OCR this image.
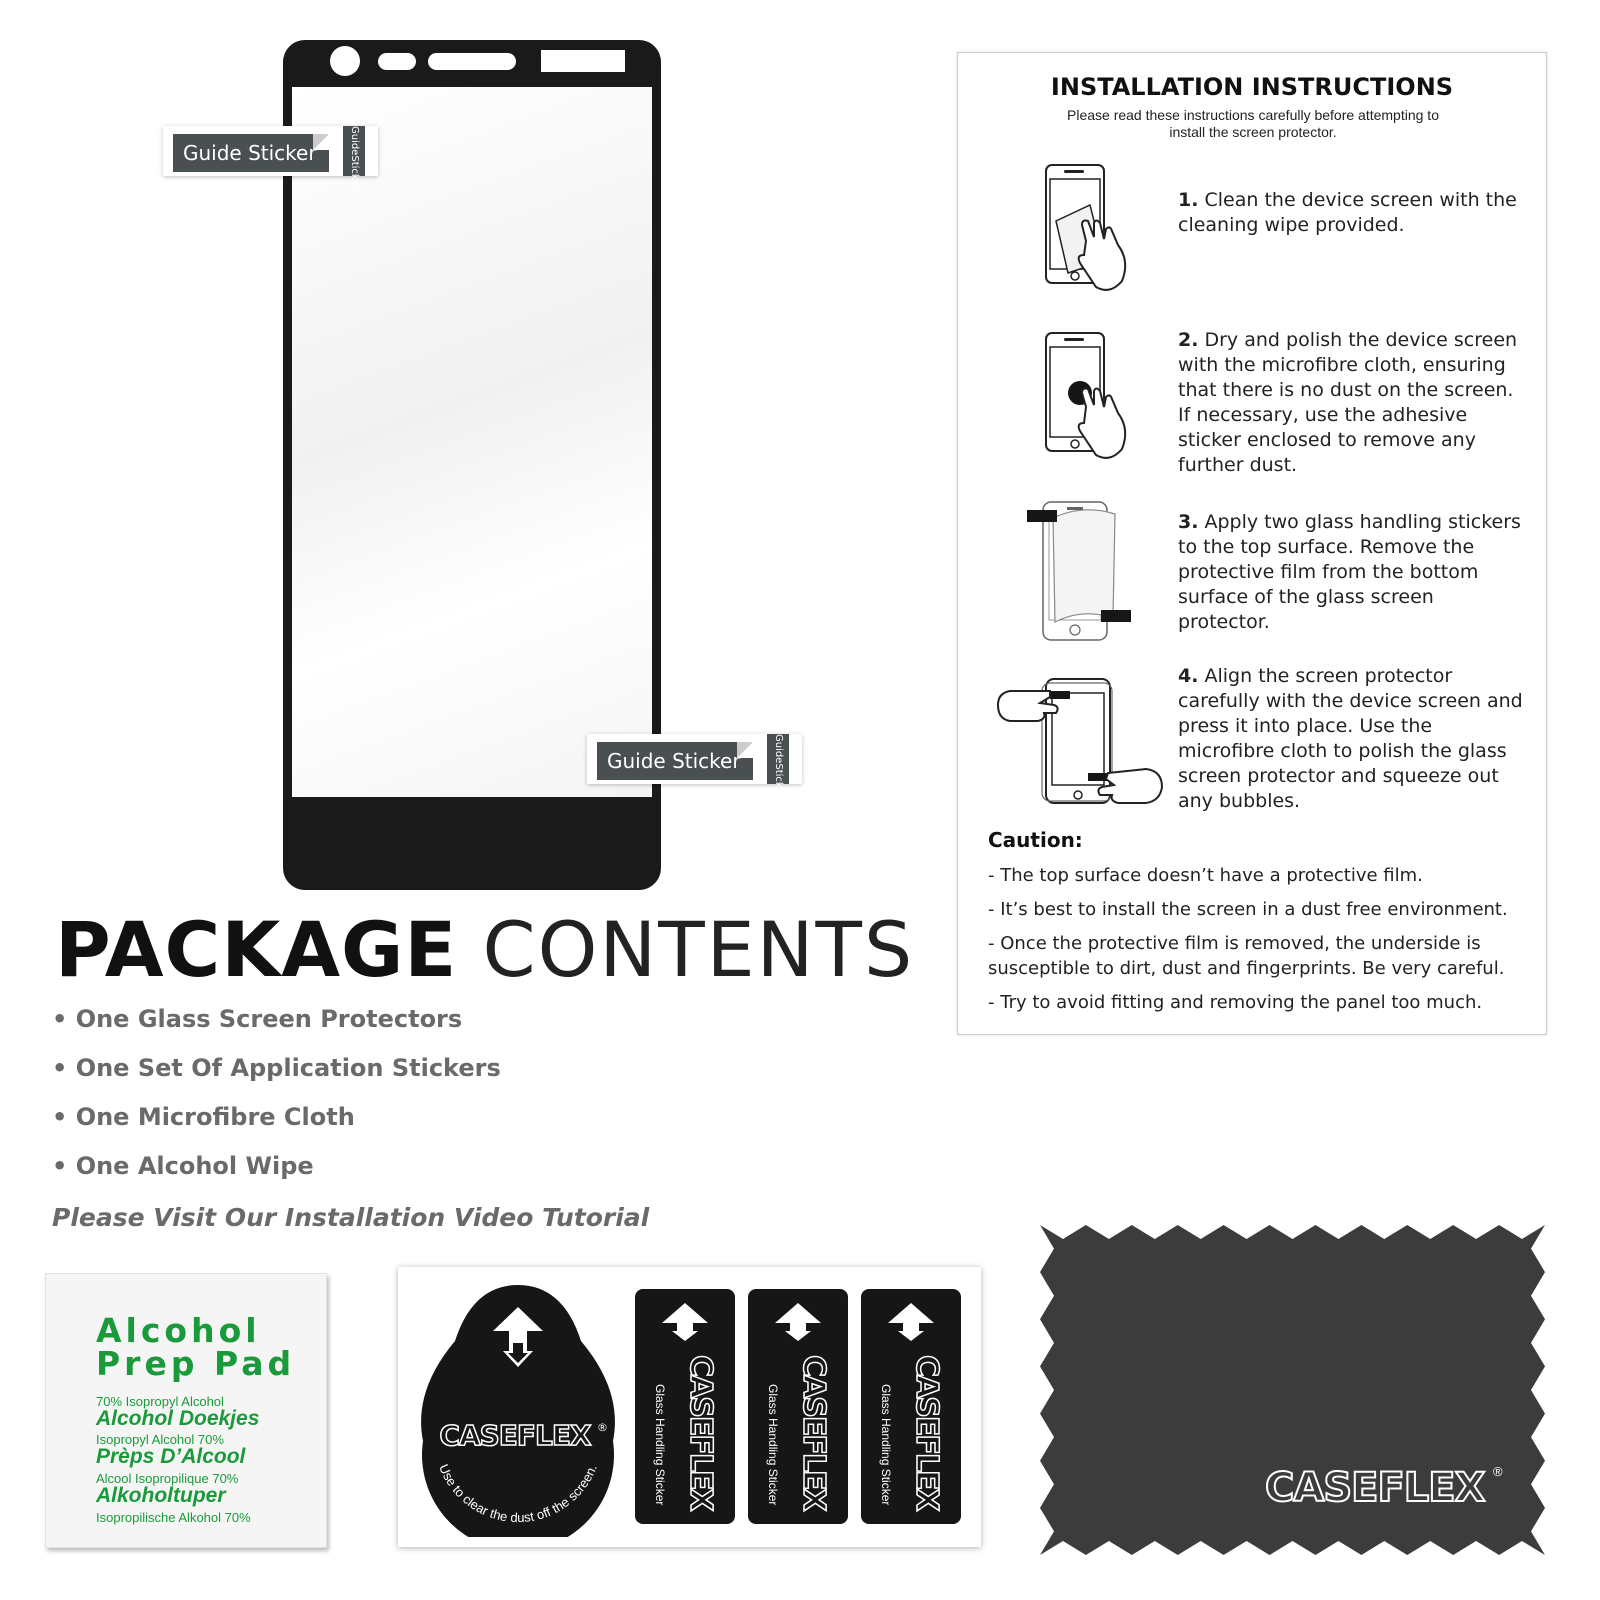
Guide Sticker	GuideSticker
Guide Sticker	GuideSticker
PACKAGE CONTENTS
• One Glass Screen Protectors
• One Set Of Application Stickers
• One Microfibre Cloth
• One Alcohol Wipe
Please Visit Our Installation Video Tutorial
INSTALLATION INSTRUCTIONS
Please read these instructions carefully before attempting to install the screen protector.
1. Clean the device screen with the cleaning wipe provided.
2. Dry and polish the device screen with the microfibre cloth, ensuring that there is no dust on the screen. If necessary, use the adhesive sticker enclosed to remove any further dust.
3. Apply two glass handling stickers to the top surface. Remove the protective film from the bottom surface of the glass screen protector.
4. Align the screen protector carefully with the device screen and press it into place. Use the microfibre cloth to polish the glass screen protector and squeeze out any bubbles.
Caution:
- The top surface doesn’t have a protective film.
- It’s best to install the screen in a dust free environment.
- Once the protective film is removed, the underside is susceptible to dirt, dust and fingerprints. Be very careful.
- Try to avoid fitting and removing the panel too much.
Alcohol
Prep Pad
70% Isopropyl Alcohol
Alcohol Doekjes
Isopropyl Alcohol 70%
Prèps D’Alcool
Alcool Isopropilique 70%
Alkoholtuper
Isopropilische Alkohol 70%
CASEFLEX ®
Use to clear the dust off the screen.	Glass Handling Sticker CASEFLEX	Glass Handling Sticker CASEFLEX	Glass Handling Sticker CASEFLEX	CASEFLEX ®
